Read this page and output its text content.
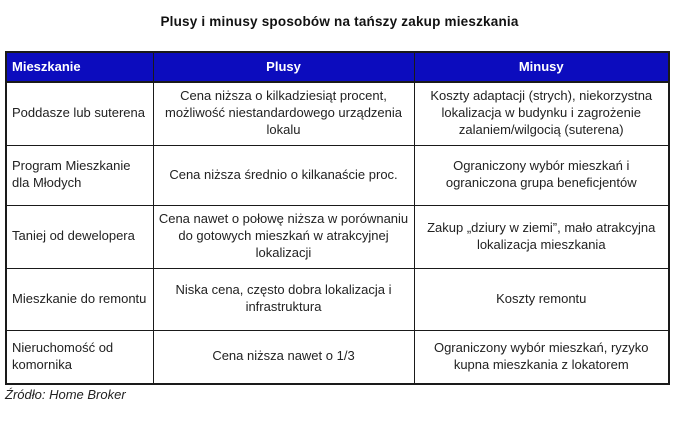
Plusy i minusy sposobów na tańszy zakup mieszkania
Mieszkanie	Plusy	Minusy
Poddasze lub suterena	Cena niższa o kilkadziesiąt procent, możliwość niestandardowego urządzenia lokalu	Koszty adaptacji (strych), niekorzystna lokalizacja w budynku i zagrożenie zalaniem/wilgocią (suterena)
Program Mieszkanie dla Młodych	Cena niższa średnio o kilkanaście proc.	Ograniczony wybór mieszkań i ograniczona grupa beneficjentów
Taniej od dewelopera	Cena nawet o połowę niższa w porównaniu do gotowych mieszkań w atrakcyjnej lokalizacji	Zakup „dziury w ziemi”, mało atrakcyjna lokalizacja mieszkania
Mieszkanie do remontu	Niska cena, często dobra lokalizacja i infrastruktura	Koszty remontu
Nieruchomość od komornika	Cena niższa nawet o 1/3	Ograniczony wybór mieszkań, ryzyko kupna mieszkania z lokatorem
Źródło: Home Broker
